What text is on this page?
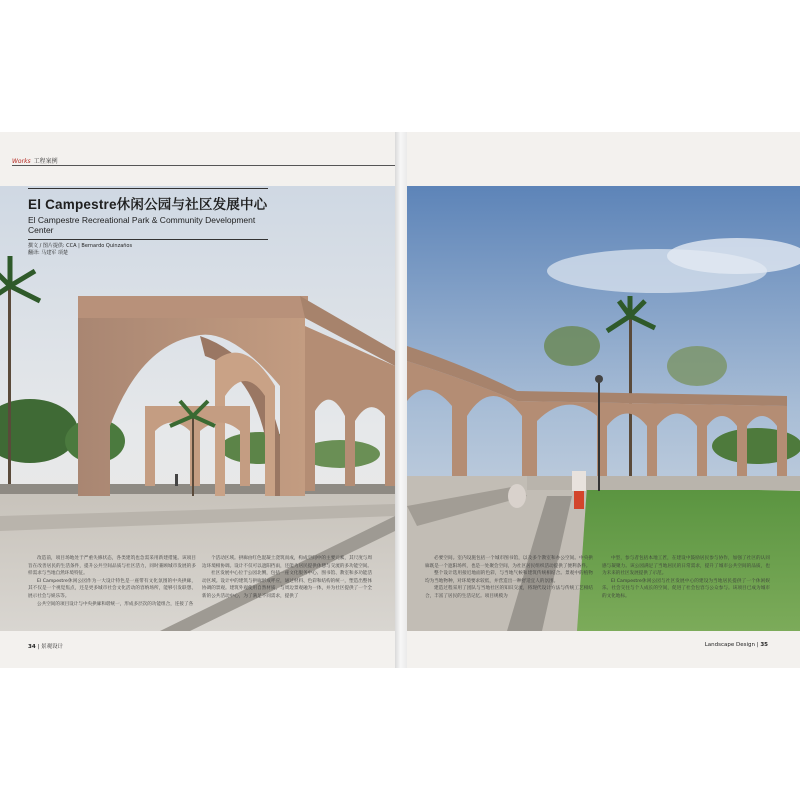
Works 工程案例
El Campestre休闲公园与社区发展中心
El Campestre Recreational Park & Community Development Center
撰文 / 图片提供: CCA | Bernardo Quinzaños
翻译: 马建军 项楚

改造前，项目场地处于严重失修状态，各类建筑也急需采用新建措施。该项目旨在改善居民的生活条件，提升公共空间品质与社区活力，同时兼顾城市发展的多样需求与当地自然环境特征。

El Campestre休闲公园作为一大设计特色是一座带有文化氛围的中央拱廊，其不仅是一个视觉焦点，还是更多城市社会文化活动的容纳场所，能够引发联想、展示社会与娱乐等。

公共空间的项目设计与中央拱廊和谐统一，形成多层次的功能组合，连接了各

个活动区域。拱廊由红色混凝土浇筑而成，构成空间中的主要元素，其尺度与周边环境相协调。设计不仅可以遮阳挡雨，还能为居民提供休憩与交流的多功能空间。

社区发展中心位于公园北侧，包括一座文化服务中心、图书馆、教室和多功能活动区域。设计中的建筑与拱廊形成呼应，通过材料、色彩和结构的统一，塑造出整体协调的景观。建筑外观使用自然材质，与周边景观融为一体，并为社区提供了一个全新的公共活动中心，为了满足不同需求，提供了

必要空间。室内设施包括一个城市图书馆，以及多个教室和办公空间。中央拱廊既是一个遮阳场所，也是一处聚会空间，为社区居民组织活动提供了便利条件。

整个设计选用接近地面的色彩，与当地气候和建筑传统相结合。景观中的植物均为当地物种，对环境要求较低，并营造出一种舒适宜人的氛围。

建造过程采用了团队与当地社区的知识交流，将现代设计方法与传统工艺相结合，丰富了居民的生活记忆。项目规模为

中型，参与者包括本地工匠，在建设中鼓励居民参与协作，加强了社区的认同感与凝聚力。该公园满足了当地居民的日常需求，提升了城市公共空间的品质，也为未来的社区发展提供了示范。

El Campestre休闲公园与社区发展中心的建设为当地居民提供了一个休闲娱乐、社会交往与个人成长的空间，促进了社会包容与公众参与。该项目已成为城市的文化地标。

34 | 景观设计	Landscape Design | 35
